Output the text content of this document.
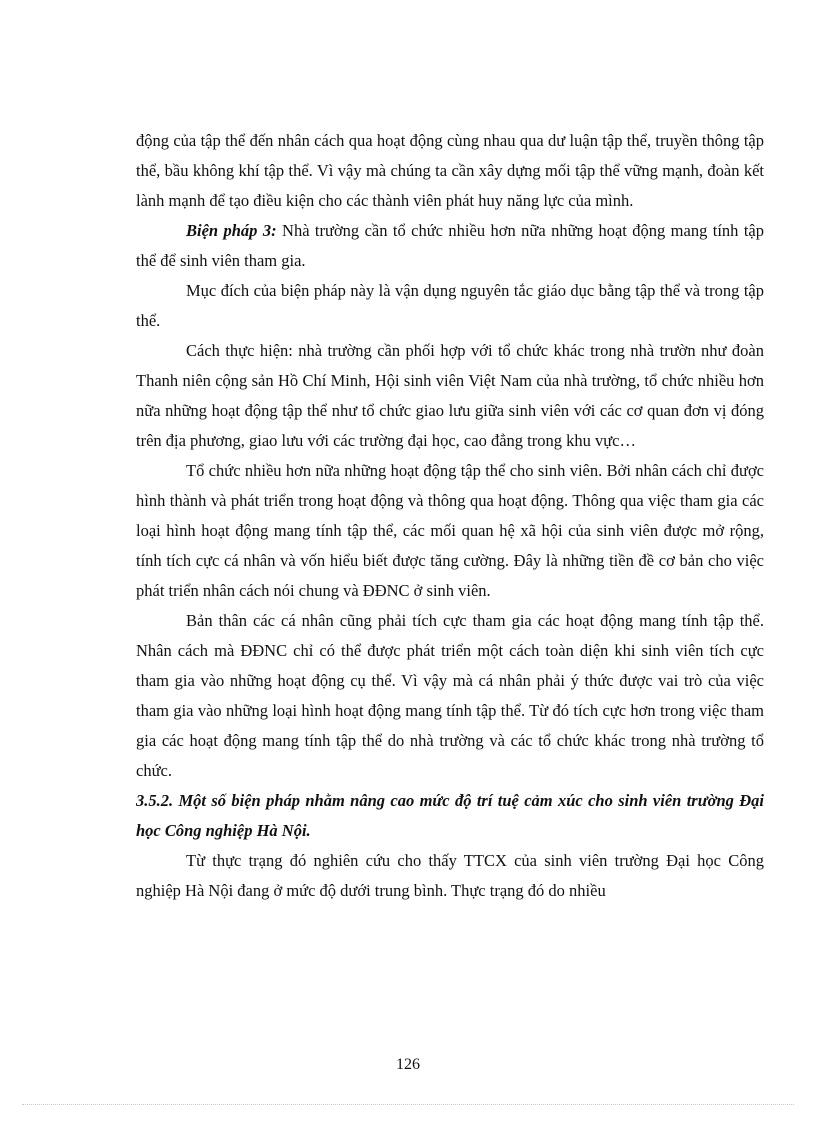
động của tập thể đến nhân cách qua hoạt động cùng nhau qua dư luận tập thể, truyền thông tập thể, bầu không khí tập thể. Vì vậy mà chúng ta cần xây dựng mối tập thể vững mạnh, đoàn kết lành mạnh để tạo điều kiện cho các thành viên phát huy năng lực của mình.

Biện pháp 3: Nhà trường cần tổ chức nhiều hơn nữa những hoạt động mang tính tập thể để sinh viên tham gia.

Mục đích của biện pháp này là vận dụng nguyên tắc giáo dục bằng tập thể và trong tập thể.

Cách thực hiện: nhà trường cần phối hợp với tổ chức khác trong nhà trườn như đoàn Thanh niên cộng sản Hồ Chí Minh, Hội sinh viên Việt Nam của nhà trường, tổ chức nhiều hơn nữa những hoạt động tập thể như tổ chức giao lưu giữa sinh viên với các cơ quan đơn vị đóng trên địa phương, giao lưu với các trường đại học, cao đẳng trong khu vực…

Tổ chức nhiều hơn nữa những hoạt động tập thể cho sinh viên. Bởi nhân cách chỉ được hình thành và phát triển trong hoạt động và thông qua hoạt động. Thông qua việc tham gia các loại hình hoạt động mang tính tập thể, các mối quan hệ xã hội của sinh viên được mở rộng, tính tích cực cá nhân và vốn hiểu biết được tăng cường. Đây là những tiền đề cơ bản cho việc phát triển nhân cách nói chung và ĐĐNC ở sinh viên.

Bản thân các cá nhân cũng phải tích cực tham gia các hoạt động mang tính tập thể. Nhân cách mà ĐĐNC chỉ có thể được phát triển một cách toàn diện khi sinh viên tích cực tham gia vào những hoạt động cụ thể. Vì vậy mà cá nhân phải ý thức được vai trò của việc tham gia vào những loại hình hoạt động mang tính tập thể. Từ đó tích cực hơn trong việc tham gia các hoạt động mang tính tập thể do nhà trường và các tổ chức khác trong nhà trường tổ chức.

3.5.2. Một số biện pháp nhằm nâng cao mức độ trí tuệ cảm xúc cho sinh viên trường Đại học Công nghiệp Hà Nội.

Từ thực trạng đó nghiên cứu cho thấy TTCX của sinh viên trường Đại học Công nghiệp Hà Nội đang ở mức độ dưới trung bình. Thực trạng đó do nhiều

126
